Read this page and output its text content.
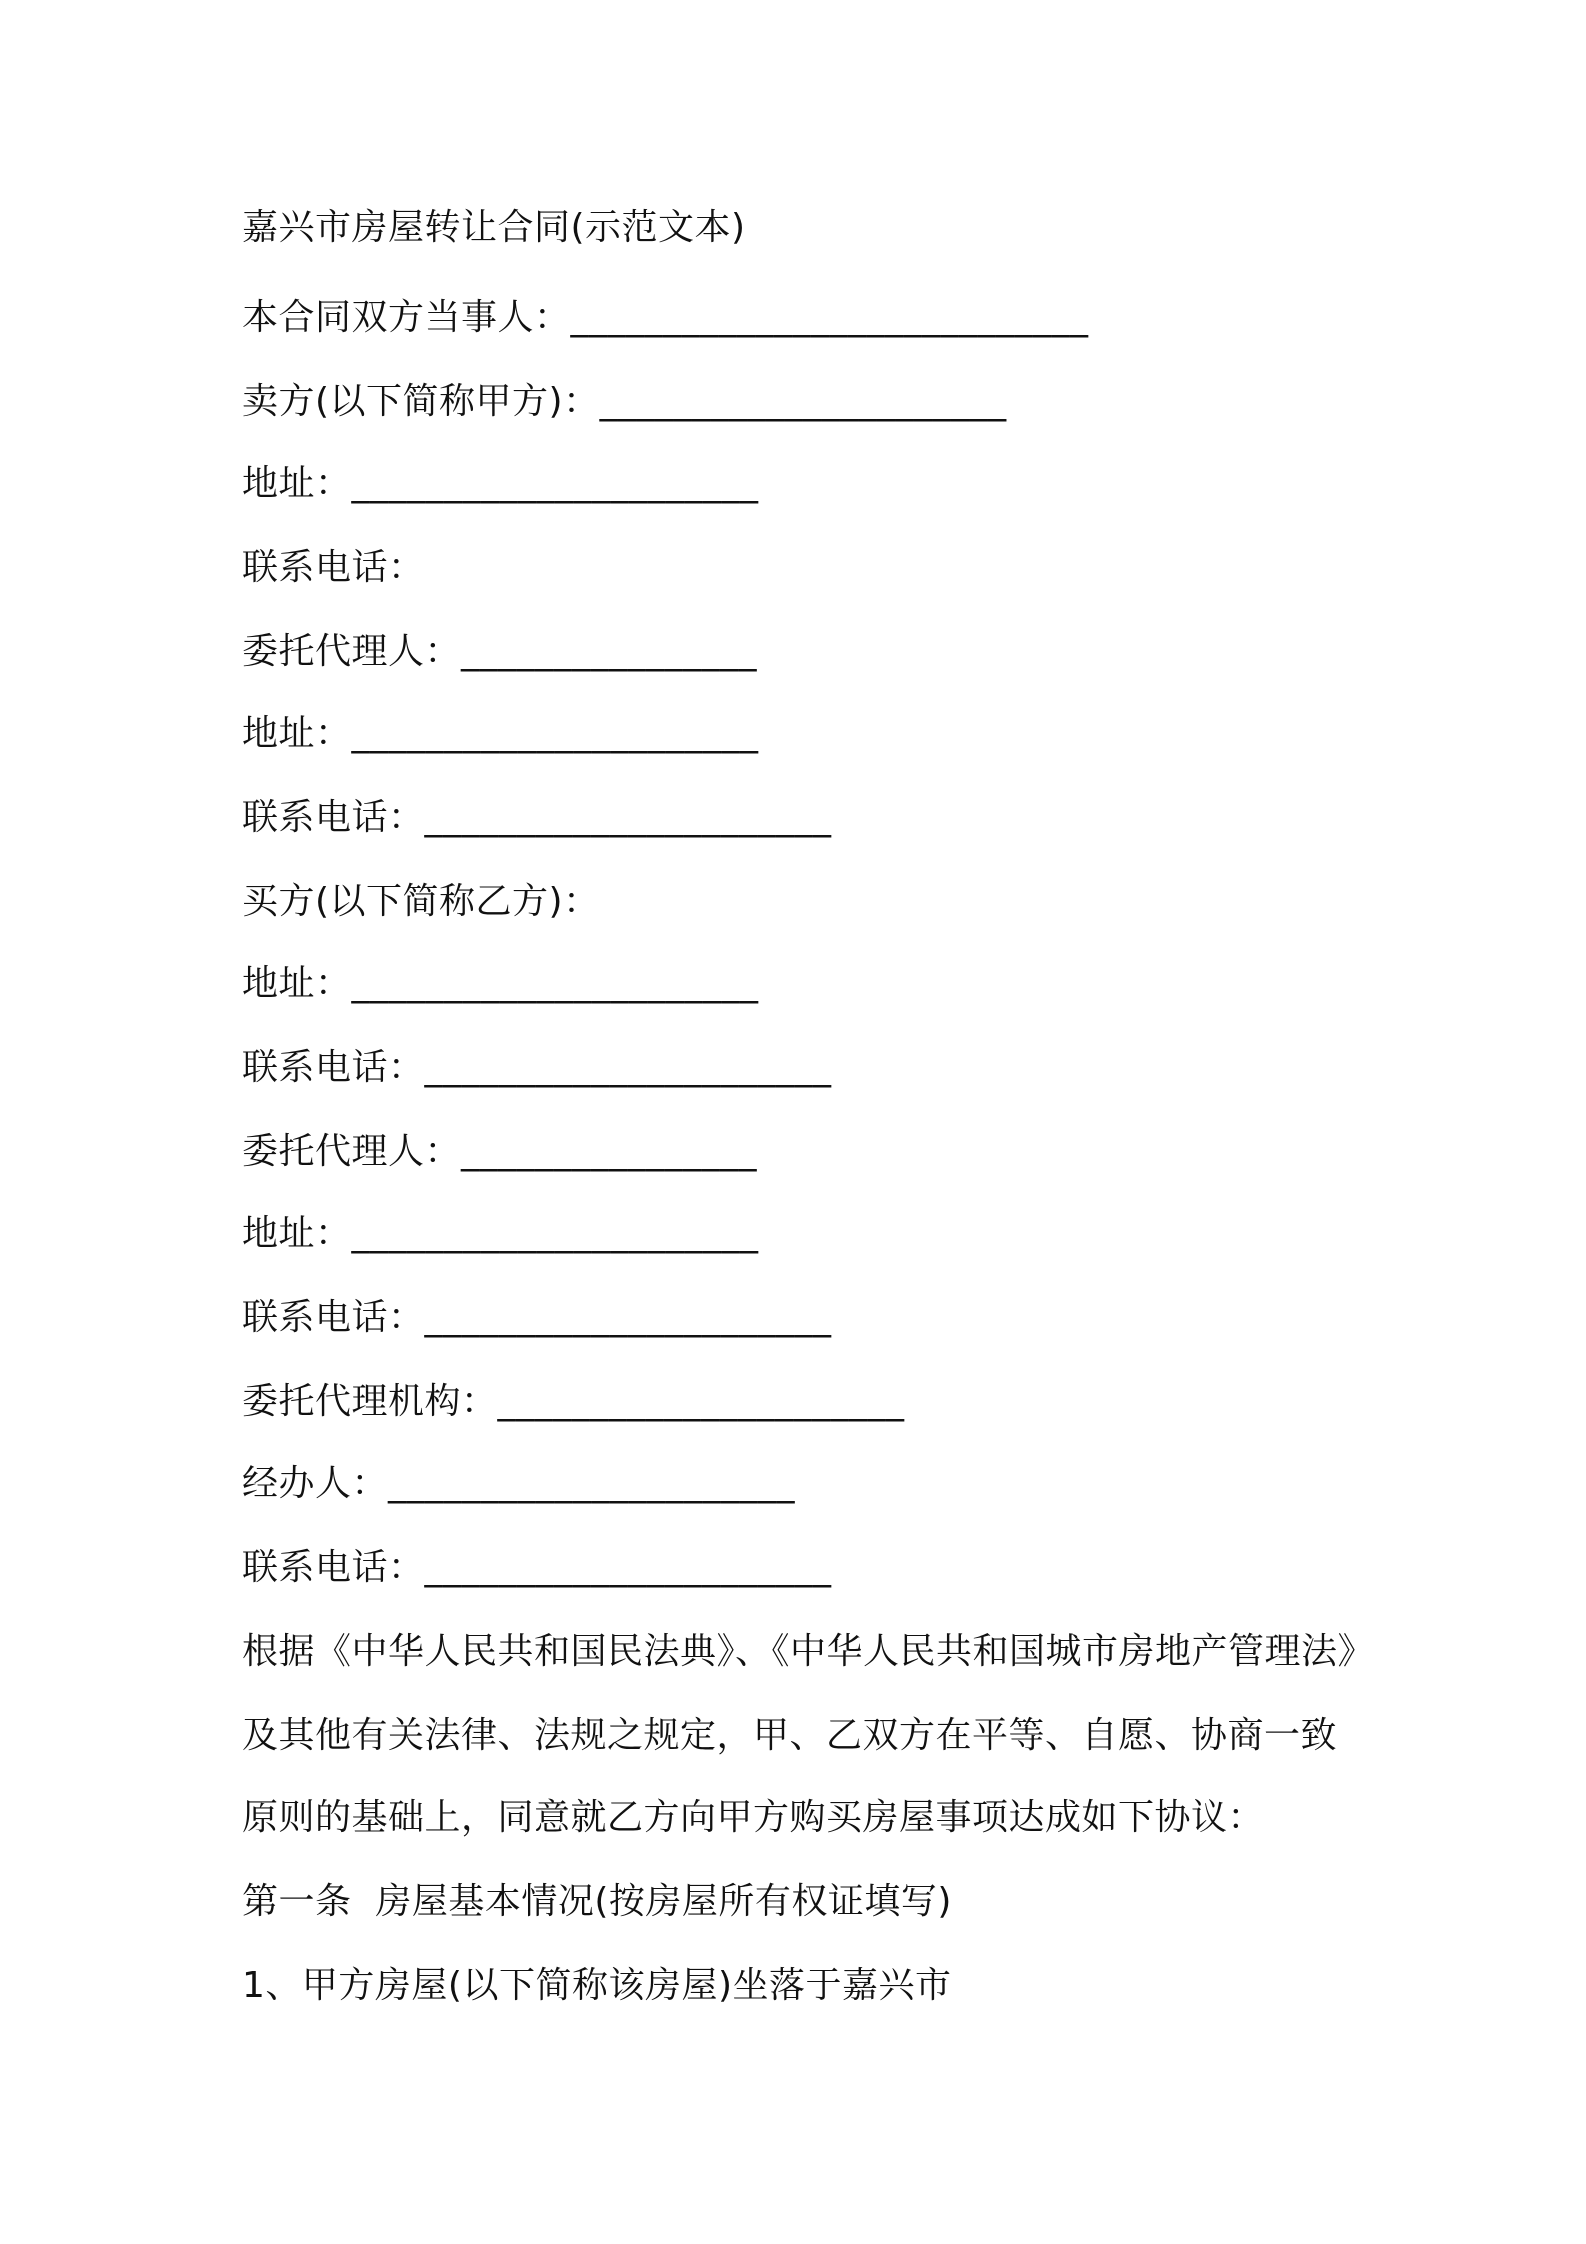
嘉兴市房屋转让合同(示范文本)
本合同双方当事人：____________________________
卖方(以下简称甲方)：______________________
地址：______________________
联系电话：
委托代理人：________________
地址：______________________
联系电话：______________________
买方(以下简称乙方)：
地址：______________________
联系电话：______________________
委托代理人：________________
地址：______________________
联系电话：______________________
委托代理机构：______________________
经办人：______________________
联系电话：______________________
根据《中华人民共和国民法典》、《中华人民共和国城市房地产管理法》
及其他有关法律、法规之规定，甲、乙双方在平等、自愿、协商一致
原则的基础上，同意就乙方向甲方购买房屋事项达成如下协议：
第一条  房屋基本情况(按房屋所有权证填写)
1、甲方房屋(以下简称该房屋)坐落于嘉兴市
